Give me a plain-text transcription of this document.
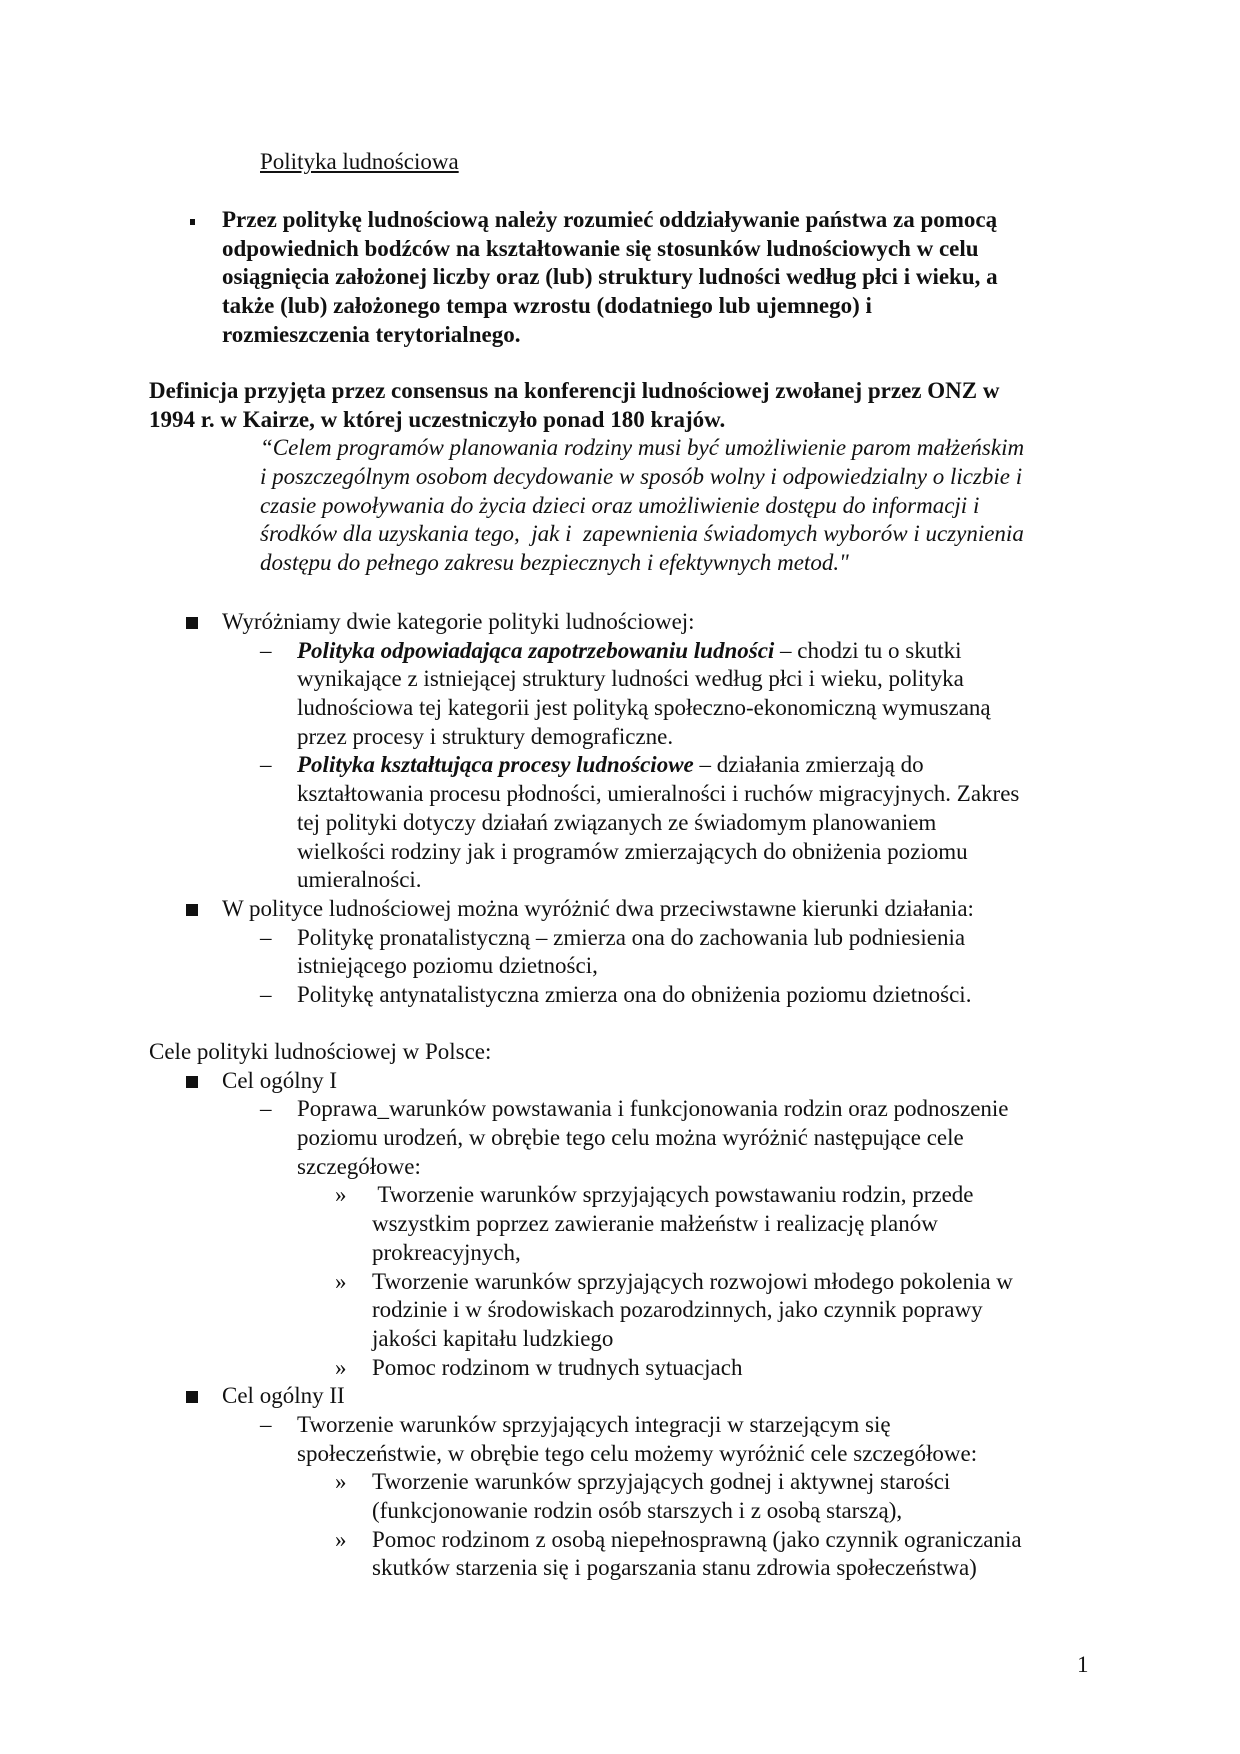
Polityka ludnościowa
Przez politykę ludnościową należy rozumieć oddziaływanie państwa za pomocą
odpowiednich bodźców na kształtowanie się stosunków ludnościowych w celu
osiągnięcia założonej liczby oraz (lub) struktury ludności według płci i wieku, a
także (lub) założonego tempa wzrostu (dodatniego lub ujemnego) i
rozmieszczenia terytorialnego.
Definicja przyjęta przez consensus na konferencji ludnościowej zwołanej przez ONZ w
1994 r. w Kairze, w której uczestniczyło ponad 180 krajów.
“Celem programów planowania rodziny musi być umożliwienie parom małżeńskim
i poszczególnym osobom decydowanie w sposób wolny i odpowiedzialny o liczbie i
czasie powoływania do życia dzieci oraz umożliwienie dostępu do informacji i
środków dla uzyskania tego,  jak i  zapewnienia świadomych wyborów i uczynienia
dostępu do pełnego zakresu bezpiecznych i efektywnych metod."
Wyróżniamy dwie kategorie polityki ludnościowej:
– Polityka odpowiadająca zapotrzebowaniu ludności – chodzi tu o skutki
wynikające z istniejącej struktury ludności według płci i wieku, polityka
ludnościowa tej kategorii jest polityką społeczno-ekonomiczną wymuszaną
przez procesy i struktury demograficzne.
– Polityka kształtująca procesy ludnościowe – działania zmierzają do
kształtowania procesu płodności, umieralności i ruchów migracyjnych. Zakres
tej polityki dotyczy działań związanych ze świadomym planowaniem
wielkości rodziny jak i programów zmierzających do obniżenia poziomu
umieralności.
W polityce ludnościowej można wyróżnić dwa przeciwstawne kierunki działania:
– Politykę pronatalistyczną – zmierza ona do zachowania lub podniesienia
istniejącego poziomu dzietności,
– Politykę antynatalistyczna zmierza ona do obniżenia poziomu dzietności.
Cele polityki ludnościowej w Polsce:
Cel ogólny I
– Poprawa_warunków powstawania i funkcjonowania rodzin oraz podnoszenie
poziomu urodzeń, w obrębie tego celu można wyróżnić następujące cele
szczegółowe:
» Tworzenie warunków sprzyjających powstawaniu rodzin, przede
wszystkim poprzez zawieranie małżeństw i realizację planów
prokreacyjnych,
» Tworzenie warunków sprzyjających rozwojowi młodego pokolenia w
rodzinie i w środowiskach pozarodzinnych, jako czynnik poprawy
jakości kapitału ludzkiego
» Pomoc rodzinom w trudnych sytuacjach
Cel ogólny II
– Tworzenie warunków sprzyjających integracji w starzejącym się
społeczeństwie, w obrębie tego celu możemy wyróżnić cele szczegółowe:
» Tworzenie warunków sprzyjających godnej i aktywnej starości
(funkcjonowanie rodzin osób starszych i z osobą starszą),
» Pomoc rodzinom z osobą niepełnosprawną (jako czynnik ograniczania
skutków starzenia się i pogarszania stanu zdrowia społeczeństwa)
1
